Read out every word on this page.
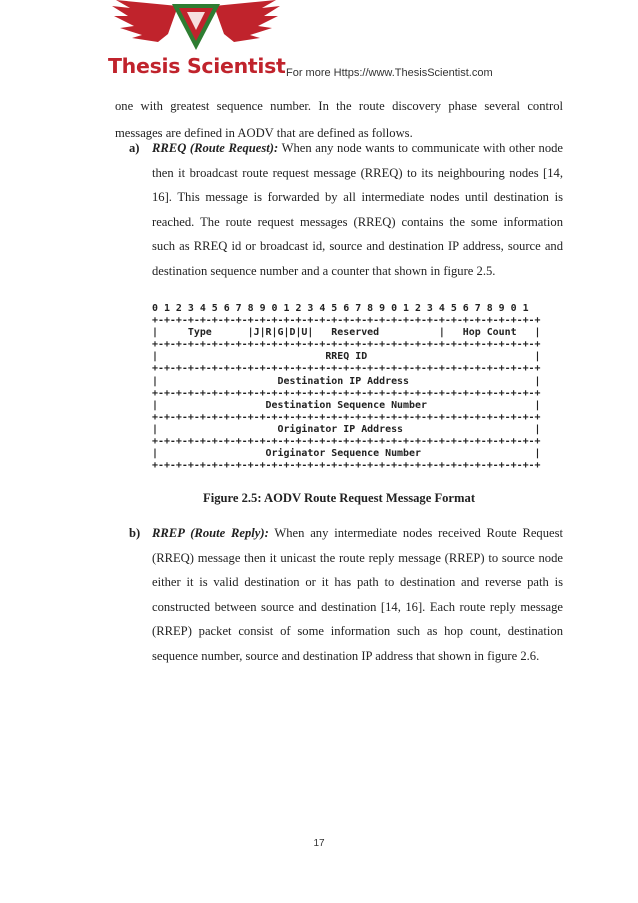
Thesis Scientist For more Https://www.ThesisScientist.com

one with greatest sequence number. In the route discovery phase several control messages are defined in AODV that are defined as follows.

a) RREQ (Route Request): When any node wants to communicate with other node then it broadcast route request message (RREQ) to its neighbouring nodes [14, 16]. This message is forwarded by all intermediate nodes until destination is reached. The route request messages (RREQ) contains the some information such as RREQ id or broadcast id, source and destination IP address, source and destination sequence number and a counter that shown in figure 2.5.
0 1 2 3 4 5 6 7 8 9 0 1 2 3 4 5 6 7 8 9 0 1 2 3 4 5 6 7 8 9 0 1
+-+-+-+-+-+-+-+-+-+-+-+-+-+-+-+-+-+-+-+-+-+-+-+-+-+-+-+-+-+-+-+-+
|     Type      |J|R|G|D|U|   Reserved          |   Hop Count   |
+-+-+-+-+-+-+-+-+-+-+-+-+-+-+-+-+-+-+-+-+-+-+-+-+-+-+-+-+-+-+-+-+
|                            RREQ ID                            |
+-+-+-+-+-+-+-+-+-+-+-+-+-+-+-+-+-+-+-+-+-+-+-+-+-+-+-+-+-+-+-+-+
|                    Destination IP Address                     |
+-+-+-+-+-+-+-+-+-+-+-+-+-+-+-+-+-+-+-+-+-+-+-+-+-+-+-+-+-+-+-+-+
|                  Destination Sequence Number                  |
+-+-+-+-+-+-+-+-+-+-+-+-+-+-+-+-+-+-+-+-+-+-+-+-+-+-+-+-+-+-+-+-+
|                    Originator IP Address                      |
+-+-+-+-+-+-+-+-+-+-+-+-+-+-+-+-+-+-+-+-+-+-+-+-+-+-+-+-+-+-+-+-+
|                  Originator Sequence Number                   |
+-+-+-+-+-+-+-+-+-+-+-+-+-+-+-+-+-+-+-+-+-+-+-+-+-+-+-+-+-+-+-+-+
Figure 2.5: AODV Route Request Message Format
b) RREP (Route Reply): When any intermediate nodes received Route Request (RREQ) message then it unicast the route reply message (RREP) to source node either it is valid destination or it has path to destination and reverse path is constructed between source and destination [14, 16]. Each route reply message (RREP) packet consist of some information such as hop count, destination sequence number, source and destination IP address that shown in figure 2.6.
17
